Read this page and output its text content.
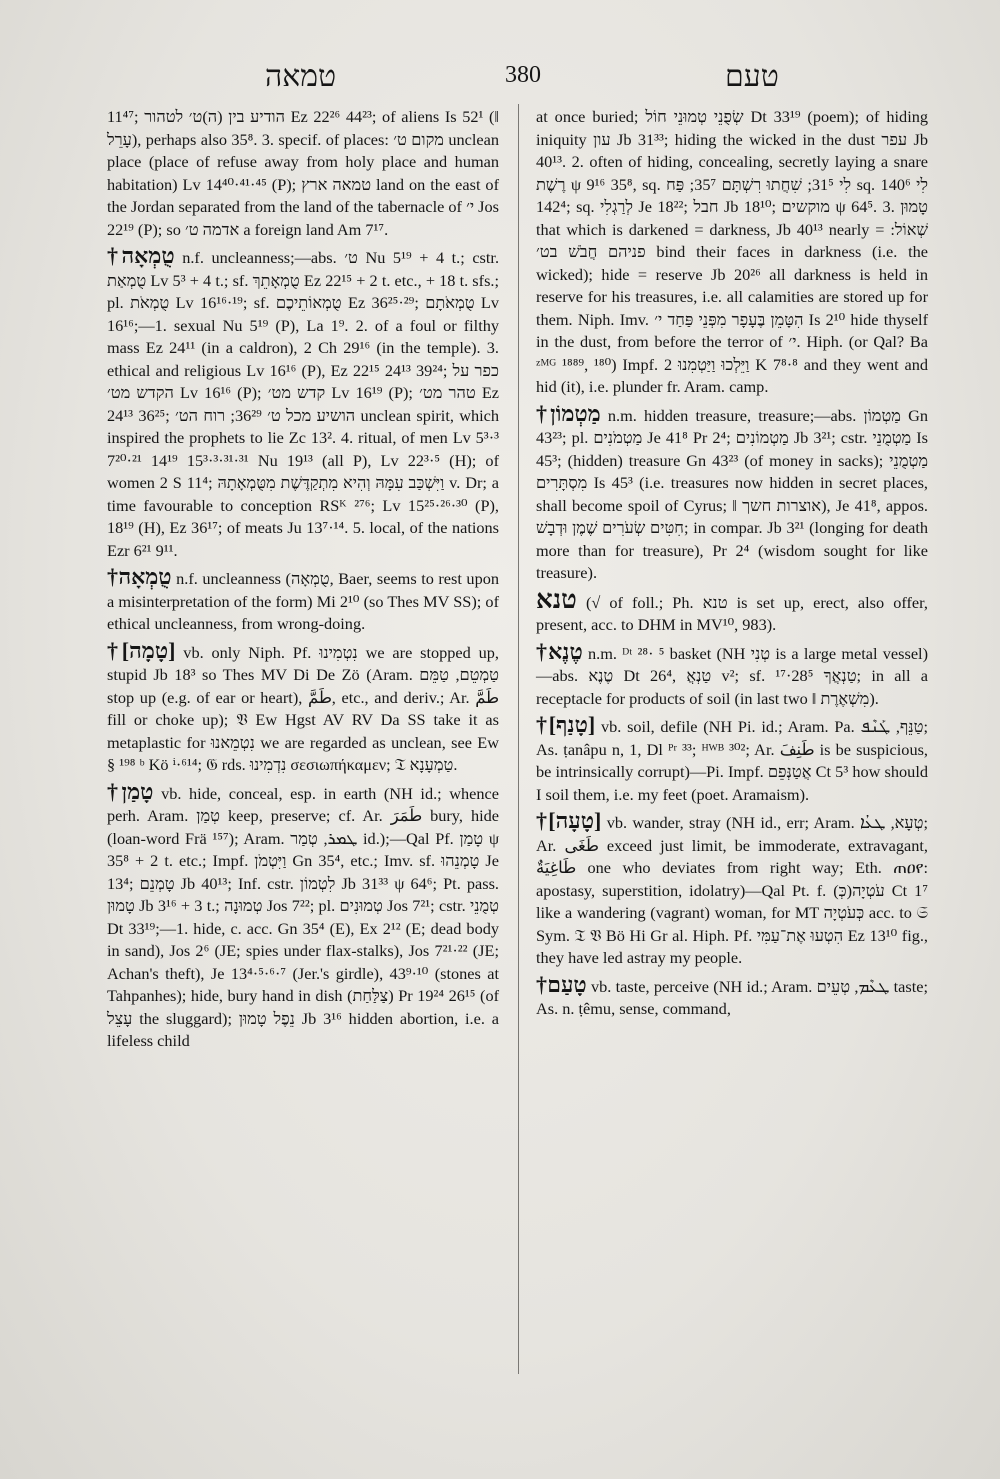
טמאה	380	טעם

11⁴⁷; הודיע בין (ה)ט׳ לטהור Ez 22²⁶ 44²³; of aliens Is 52¹ (‖ עָרֵל), perhaps also 35⁸. 3. specif. of places: מקום ט׳ unclean place (place of refuse away from holy place and human habitation) Lv 14⁴⁰·⁴¹·⁴⁵ (P); טמאה ארץ land on the east of the Jordan separated from the land of the tabernacle of י׳ Jos 22¹⁹ (P); so אדמה ט׳ a foreign land Am 7¹⁷.

†טֻמְאָה n.f. uncleanness;—abs. ט׳ Nu 5¹⁹ + 4 t.; cstr. טֻמְאַת Lv 5³ + 4 t.; sf. טֻמְאָתֵךְ Ez 22¹⁵ + 2 t. etc., + 18 t. sfs.; pl. טֻמְאֹת Lv 16¹⁶·¹⁹; sf. טֻמְאוֹתֵיכֶם Ez 36²⁵·²⁹; טֻמְאֹתָם Lv 16¹⁶;—1. sexual Nu 5¹⁹ (P), La 1⁹. 2. of a foul or filthy mass Ez 24¹¹ (in a caldron), 2 Ch 29¹⁶ (in the temple). 3. ethical and religious Lv 16¹⁶ (P), Ez 22¹⁵ 24¹³ 39²⁴; כפר על הקדש מט׳ Lv 16¹⁶ (P); קדש מט׳ Lv 16¹⁹ (P); טהר מט׳ Ez 24¹³ 36²⁵; הושיע מכל ט׳ 36²⁹; רוח הט׳ unclean spirit, which inspired the prophets to lie Zc 13². 4. ritual, of men Lv 5³·³ 7²⁰·²¹ 14¹⁹ 15³·³·³¹·³¹ Nu 19¹³ (all P), Lv 22³·⁵ (H); of women 2 S 11⁴; וַיִּשְׁכַּב עִמָּהּ וְהִיא מִתְקַדֶּשֶׁת מִטֻּמְאָתָהּ v. Dr; a time favourable to conception RSᴷ ²⁷⁶; Lv 15²⁵·²⁶·³⁰ (P), 18¹⁹ (H), Ez 36¹⁷; of meats Ju 13⁷·¹⁴. 5. local, of the nations Ezr 6²¹ 9¹¹.

†טֻמְאָה n.f. uncleanness (טֻמְאָה, Baer, seems to rest upon a misinterpretation of the form) Mi 2¹⁰ (so Thes MV SS); of ethical uncleanness, from wrong-doing.

†[טָמָה] vb. only Niph. Pf. נִטְמִינוּ we are stopped up, stupid Jb 18³ so Thes MV Di De Zö (Aram. טַמְטֵם, טַמֵּם stop up (e.g. of ear or heart), طَمَّ, etc., and deriv.; Ar. طَمَّ fill or choke up); 𝔙 Ew Hgst AV RV Da SS take it as metaplastic for נִטְמֵאנוּ we are regarded as unclean, see Ew § ¹⁹⁸ ᵇ Kö ⁱ·⁶¹⁴; 𝔊 rds. נִדְמִינוּ σεσιωπήκαμεν; 𝔗 טַמְעָנָא.

†טָמַן vb. hide, conceal, esp. in earth (NH id.; whence perh. Aram. טְמַן keep, preserve; cf. Ar. طَمَرَ bury, hide (loan-word Frä ¹⁵⁷); Aram. ܛܡܪ, טְמַר id.);—Qal Pf. טָמַן ψ 35⁸ + 2 t. etc.; Impf. וַיִּטְמֹן Gn 35⁴, etc.; Imv. sf. טָמְנֵהוּ Je 13⁴; טָמְנֵם Jb 40¹³; Inf. cstr. לִטְמוֹן Jb 31³³ ψ 64⁶; Pt. pass. טָמוּן Jb 3¹⁶ + 3 t.; טְמוּנָה Jos 7²²; pl. טְמוּנִים Jos 7²¹; cstr. טְמֻנֵי Dt 33¹⁹;—1. hide, c. acc. Gn 35⁴ (E), Ex 2¹² (E; dead body in sand), Jos 2⁶ (JE; spies under flax-stalks), Jos 7²¹·²² (JE; Achan's theft), Je 13⁴·⁵·⁶·⁷ (Jer.'s girdle), 43⁹·¹⁰ (stones at Tahpanhes); hide, bury hand in dish (צַלַּחַת) Pr 19²⁴ 26¹⁵ (of עָצֵל the sluggard); נֵפֶל טָמוּן Jb 3¹⁶ hidden abortion, i.e. a lifeless child

at once buried; שְׂפֻנֵי טְמוּנֵי חוֹל Dt 33¹⁹ (poem); of hiding iniquity עון Jb 31³³; hiding the wicked in the dust עפר Jb 40¹³. 2. often of hiding, concealing, secretly laying a snare רֶשֶׁת ψ 9¹⁶ 35⁸, sq. לִי 31⁵; שִׁחֲתוּ רִשְׁתָּם 35⁷; פַּח sq. לִי 140⁶ 142⁴; sq. לְרַגְלִי Je 18²²; חבל Jb 18¹⁰; מוקשים ψ 64⁵. 3. טָמוּן that which is darkened = darkness, Jb 40¹³ nearly = שְׁאוֹל: פניהם חֲבֹשׁ בט׳ bind their faces in darkness (i.e. the wicked); hide = reserve Jb 20²⁶ all darkness is held in reserve for his treasures, i.e. all calamities are stored up for them. Niph. Imv. הִטָּמֵן בֶּעָפָר מִפְּנֵי פַּחַד י׳ Is 2¹⁰ hide thyself in the dust, from before the terror of י׳. Hiph. (or Qal? Ba ᶻᴹᴳ ¹⁸⁸⁹, ¹⁸⁰) Impf. וַיֵּלְכוּ וַיַּטְמִנוּ 2 K 7⁸·⁸ and they went and hid (it), i.e. plunder fr. Aram. camp.

†מַטְמוֹן n.m. hidden treasure, treasure;—abs. מַטְמוֹן Gn 43²³; pl. מַטְמֹנִים Je 41⁸ Pr 2⁴; מַטְמוֹנִים Jb 3²¹; cstr. מַטְמֻנֵי Is 45³; (hidden) treasure Gn 43²³ (of money in sacks); מַטְמֻנֵי מִסְתָּרִים Is 45³ (i.e. treasures now hidden in secret places, shall become spoil of Cyrus; ‖ אוצרות חשך), Je 41⁸, appos. חִטִּים שְׂעֹרִים שֶׁמֶן וּדְבָשׁ; in compar. Jb 3²¹ (longing for death more than for treasure), Pr 2⁴ (wisdom sought for like treasure).

טנא (√ of foll.; Ph. טנא is set up, erect, also offer, present, acc. to DHM in MV¹⁰, 983).

†טֶנֶא n.m. ᴰᵗ ²⁸· ⁵ basket (NH טְנִי is a large metal vessel)—abs. טֶנֶא Dt 26⁴, טַנְאֲ v²; sf. טַנְאֲךָ 28⁵·¹⁷; in all a receptacle for products of soil (in last two ‖ מִשְׁאֶרֶת).

†[טָנַף] vb. soil, defile (NH Pi. id.; Aram. Pa. טַנֵּף, ܛܰܢܶܦ; As. ṭanâpu n, 1, Dl ᴾʳ ³³; ᴴᵂᴮ ³⁰²; Ar. طَنِفَ is be suspicious, be intrinsically corrupt)—Pi. Impf. אֲטַנְּפֵם Ct 5³ how should I soil them, i.e. my feet (poet. Aramaism).

†[טָעָה] vb. wander, stray (NH id., err; Aram. טְעָא, ܛܥܳܐ; Ar. طَغَى exceed just limit, be immoderate, extravagant, طَاغِيَةٌ one who deviates from right way; Eth. ጠዐየ: apostasy, superstition, idolatry)—Qal Pt. f. (כְּ)עֹטְיָה Ct 1⁷ like a wandering (vagrant) woman, for MT כְּעֹטְיָה acc. to 𝔖 Sym. 𝔗 𝔙 Bö Hi Gr al. Hiph. Pf. הִטְעוּ אֶת־עַמִּי Ez 13¹⁰ fig., they have led astray my people.

†טָעַם vb. taste, perceive (NH id.; Aram. ܛܥܶܡ, טְעֵים taste; As. n. ṭêmu, sense, command,
